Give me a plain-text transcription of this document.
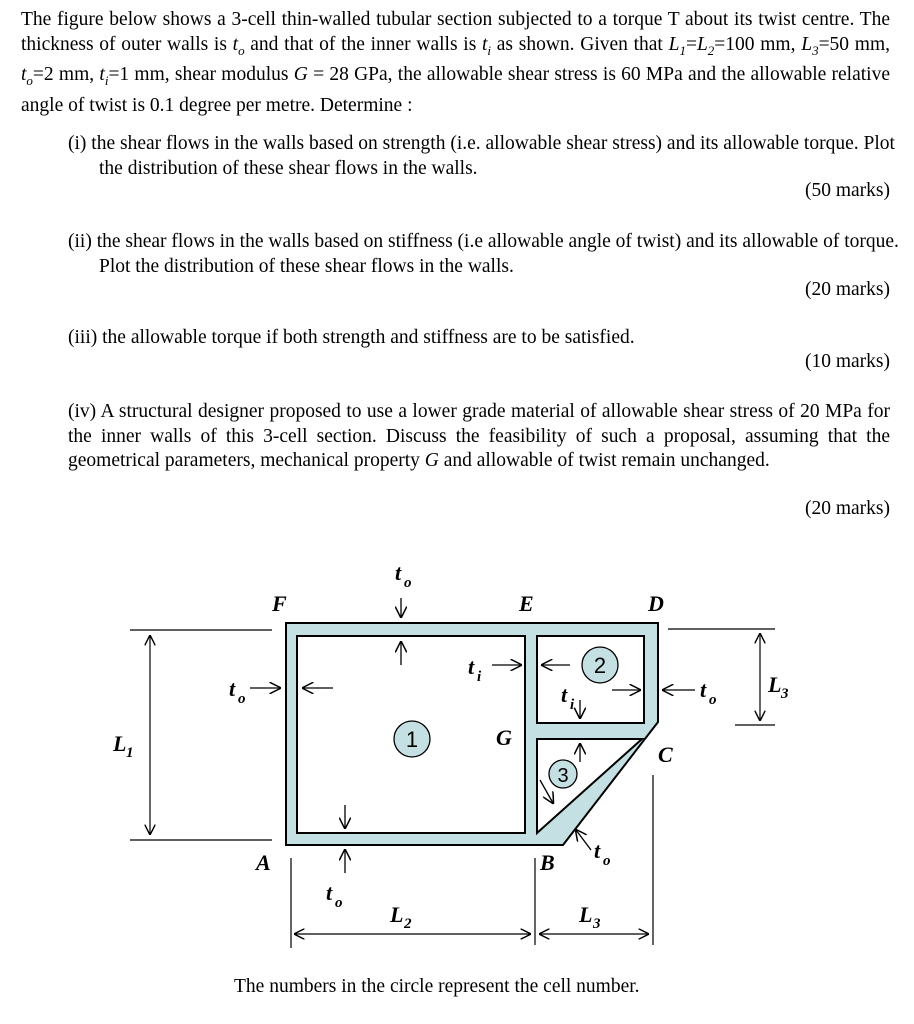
The figure below shows a 3-cell thin-walled tubular section subjected to a torque T about its twist centre. The thickness of outer walls is $t_o$ and that of the inner walls is $t_i$ as shown. Given that $L_1=L_2=100$ mm, $L_3=50$ mm, $t_o=2$ mm, $t_i=1$ mm, shear modulus G = 28 GPa, the allowable shear stress is 60 MPa and the allowable relative angle of twist is 0.1 degree per metre. Determine :
(i) the shear flows in the walls based on strength (i.e. allowable shear stress) and its allowable torque. Plot the distribution of these shear flows in the walls.
(50 marks)
(ii) the shear flows in the walls based on stiffness (i.e allowable angle of twist) and its allowable of torque. Plot the distribution of these shear flows in the walls.
(20 marks)
(iii) the allowable torque if both strength and stiffness are to be satisfied.
(10 marks)
(iv) A structural designer proposed to use a lower grade material of allowable shear stress of 20 MPa for the inner walls of this 3-cell section. Discuss the feasibility of such a proposal, assuming that the geometrical parameters, mechanical property G and allowable of twist remain unchanged.
(20 marks)
1
2
3
F	E	D
C
G
A	B
t o
t o
t i
t i
t o
t o
t o
L 1
L 3
L 2	L 3
The numbers in the circle represent the cell number.
